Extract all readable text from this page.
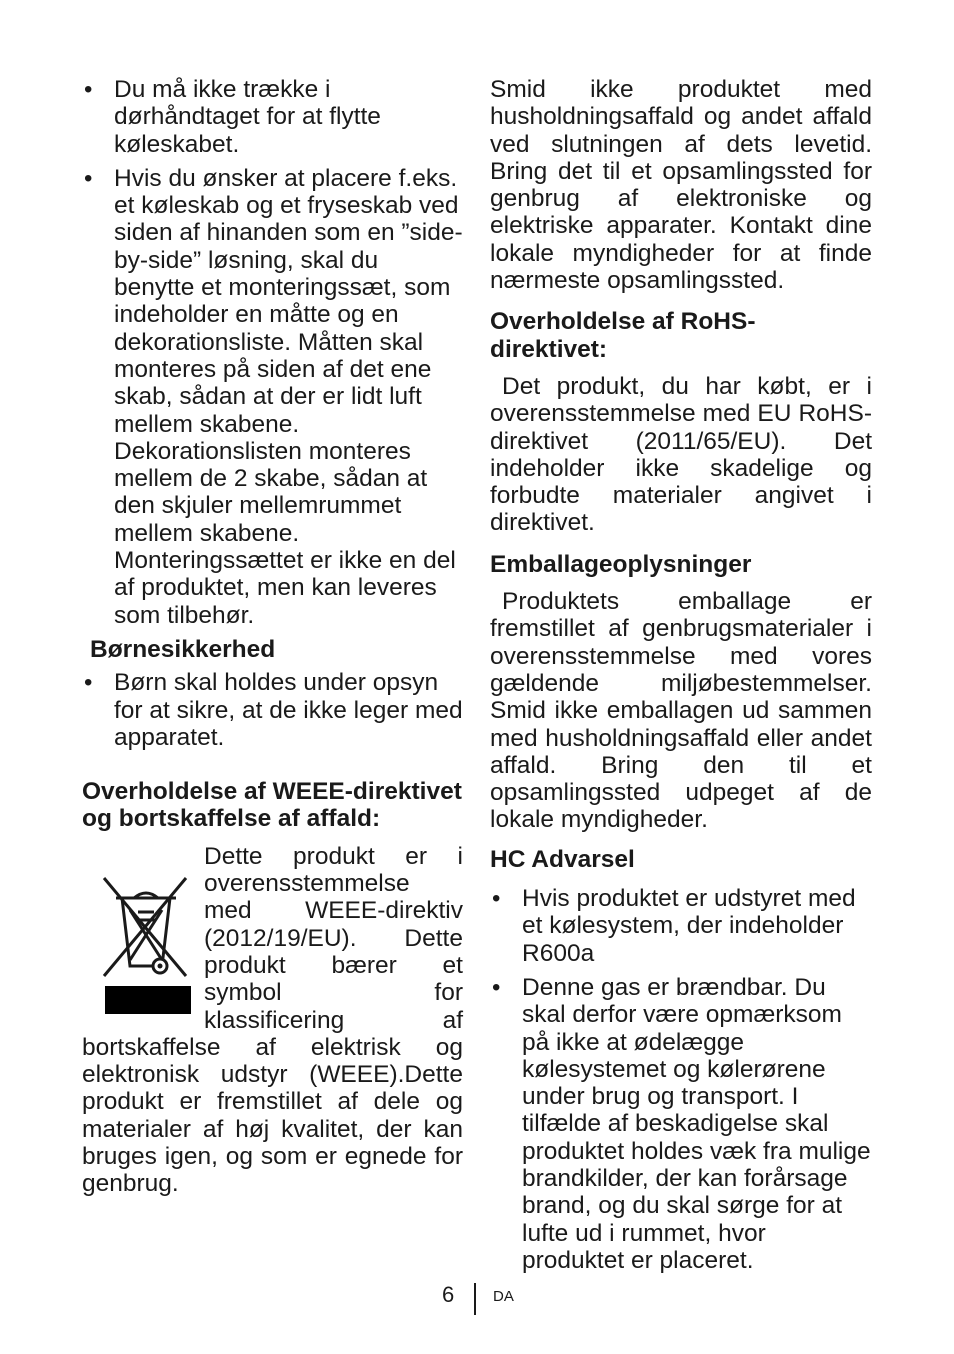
• Du må ikke trække i dørhåndtaget for at flytte køleskabet.
• Hvis du ønsker at placere f.eks. et køleskab og et fryseskab ved siden af hinanden som en ”side-by-side” løsning, skal du benytte et monteringssæt, som indeholder en måtte og en dekorationsliste. Måtten skal monteres på siden af det ene skab, sådan at der er lidt luft mellem skabene. Dekorationslisten monteres mellem de 2 skabe, sådan at den skjuler mellemrummet mellem skabene. Monteringssættet er ikke en del af produktet, men kan leveres som tilbehør.
Børnesikkerhed
• Børn skal holdes under opsyn for at sikre, at de ikke leger med apparatet.
Overholdelse af WEEE-direktivet og bortskaffelse af affald:

Dette produkt er i overensstemmelse med WEEE-direktiv (2012/19/EU). Dette produkt bærer et symbol for klassificering af bortskaffelse af elektrisk og elektronisk udstyr (WEEE).Dette produkt er fremstillet af dele og materialer af høj kvalitet, der kan bruges igen, og som er egnede for genbrug.

Smid ikke produktet med husholdningsaffald og andet affald ved slutningen af dets levetid. Bring det til et opsamlingssted for genbrug af elektroniske og elektriske apparater. Kontakt dine lokale myndigheder for at finde nærmeste opsamlingssted.

Overholdelse af RoHS-direktivet:

Det produkt, du har købt, er i overensstemmelse med EU RoHS-direktivet (2011/65/EU). Det indeholder ikke skadelige og forbudte materialer angivet i direktivet.

Emballageoplysninger

Produktets emballage er fremstillet af genbrugsmaterialer i overensstemmelse med vores gældende miljøbestemmelser. Smid ikke emballagen ud sammen med husholdningsaffald eller andet affald. Bring den til et opsamlingssted udpeget af de lokale myndigheder.

HC Advarsel
• Hvis produktet er udstyret med et kølesystem, der indeholder R600a
• Denne gas er brændbar. Du skal derfor være opmærksom på ikke at ødelægge kølesystemet og kølerørene under brug og transport. I tilfælde af beskadigelse skal produktet holdes væk fra mulige brandkilder, der kan forårsage brand, og du skal sørge for at lufte ud i rummet, hvor produktet er placeret.
6	DA
